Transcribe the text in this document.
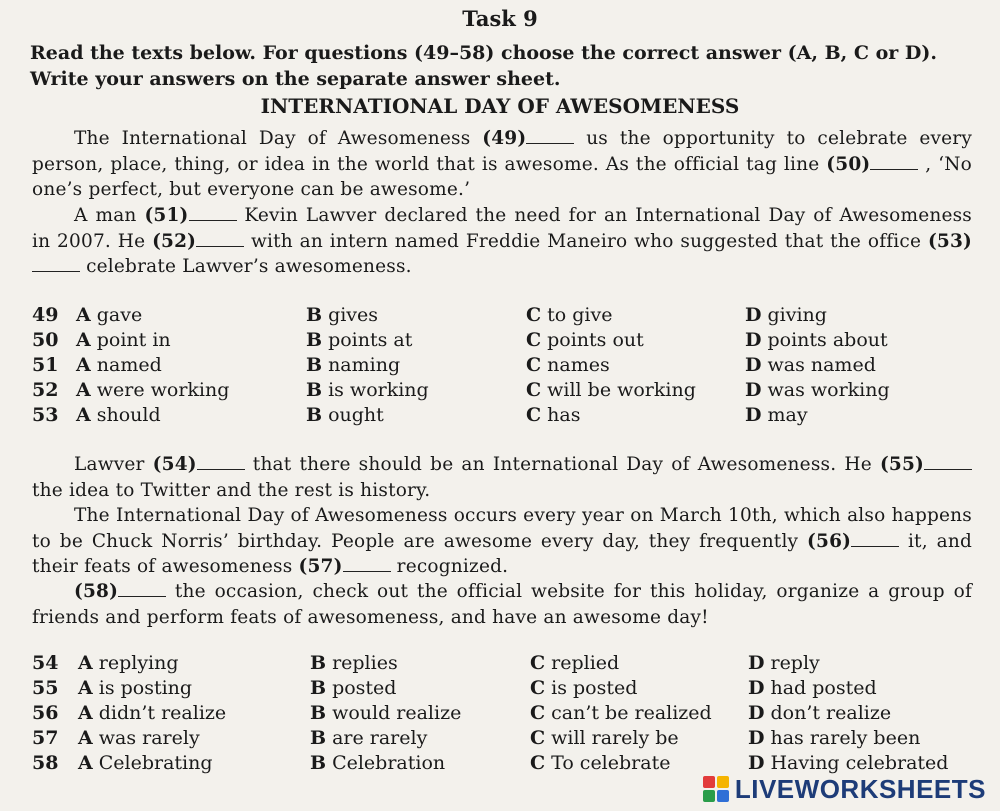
Task 9
Read the texts below. For questions (49–58) choose the correct answer (A, B, C or D). Write your answers on the separate answer sheet.
INTERNATIONAL DAY OF AWESOMENESS
The International Day of Awesomeness (49)	us the opportunity to celebrate every person, place, thing, or idea in the world that is awesome. As the official tag line (50)	, ‘No one’s perfect, but everyone can be awesome.’
A man (51)	Kevin Lawver declared the need for an International Day of Awesomeness in 2007. He (52)	with an intern named Freddie Maneiro who suggested that the office (53) celebrate Lawver’s awesomeness.
49 A gave	B gives	C to give	D giving
50 A point in	B points at	C points out	D points about
51 A named	B naming	C names	D was named
52 A were working	B is working	C will be working	D was working
53 A should	B ought	C has	D may
Lawver (54)	that there should be an International Day of Awesomeness. He (55) the idea to Twitter and the rest is history.
The International Day of Awesomeness occurs every year on March 10th, which also happens to be Chuck Norris’ birthday. People are awesome every day, they frequently (56)	it, and their feats of awesomeness (57)	recognized.
(58)	the occasion, check out the official website for this holiday, organize a group of friends and perform feats of awesomeness, and have an awesome day!
54 A replying	B replies	C replied	D reply
55 A is posting	B posted	C is posted	D had posted
56 A didn’t realize	B would realize	C can’t be realized D don’t realize
57 A was rarely	B are rarely	C will rarely be	D has rarely been
58 A Celebrating	B Celebration	C To celebrate	D Having celebrated
LIVEWORKSHEETS
